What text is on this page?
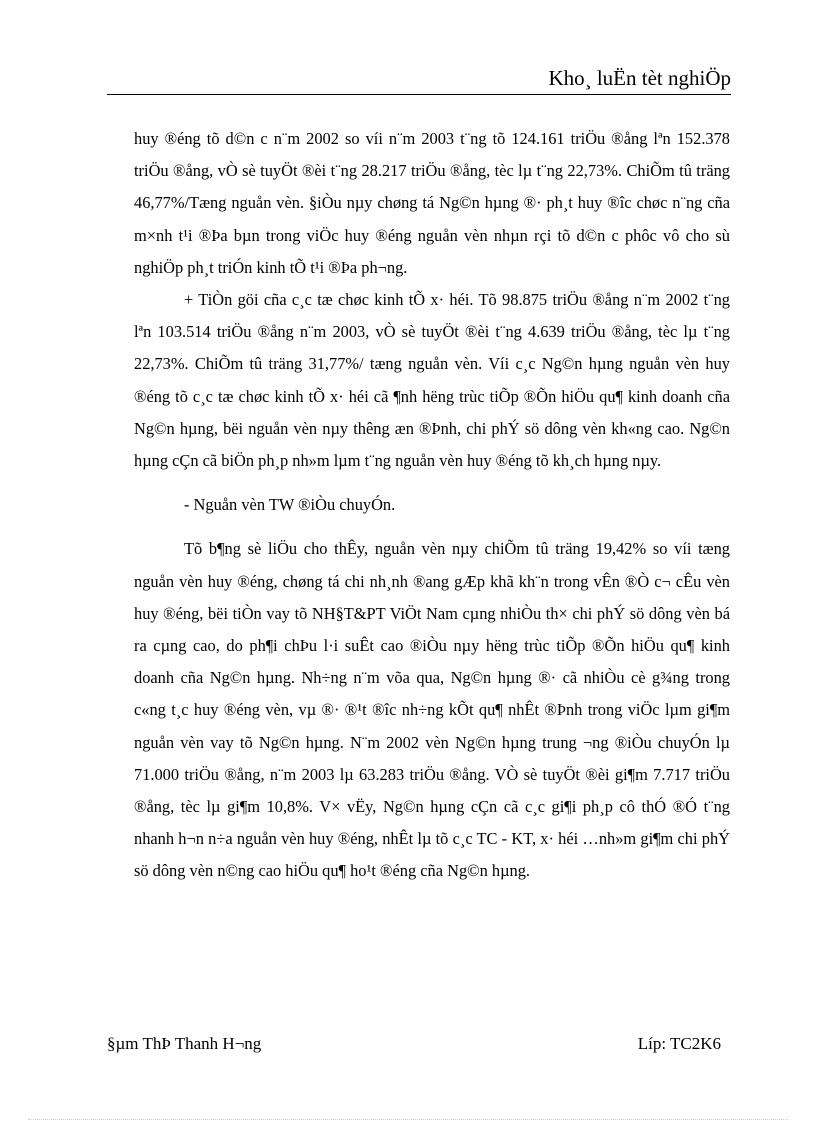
Kho¸ luËn tèt nghiÖp

huy ®éng tõ d©n c n¨m 2002 so víi n¨m 2003 t¨ng tõ 124.161 triÖu ®ång lªn 152.378 triÖu ®ång, vÒ sè tuyÖt ®èi t¨ng 28.217 triÖu ®ång, tèc lµ t¨ng 22,73%. ChiÕm tû träng 46,77%/Tæng nguån vèn. §iÒu nµy chøng tá Ng©n hµng ®· ph¸t huy ®îc chøc n¨ng cña m×nh t¹i ®Þa bµn trong viÖc huy ®éng nguån vèn nhµn rçi tõ d©n c phôc vô cho sù nghiÖp ph¸t triÓn kinh tÕ t¹i ®Þa ph¬ng.

+ TiÒn göi cña c¸c tæ chøc kinh tÕ x· héi. Tõ 98.875 triÖu ®ång n¨m 2002 t¨ng lªn 103.514 triÖu ®ång n¨m 2003, vÒ sè tuyÖt ®èi t¨ng 4.639 triÖu ®ång, tèc lµ t¨ng 22,73%. ChiÕm tû träng 31,77%/ tæng nguån vèn. Víi c¸c Ng©n hµng nguån vèn huy ®éng tõ c¸c tæ chøc kinh tÕ x· héi cã ¶nh hëng trùc tiÕp ®Õn hiÖu qu¶ kinh doanh cña Ng©n hµng, bëi nguån vèn nµy thêng æn ®Þnh, chi phÝ sö dông vèn kh«ng cao. Ng©n hµng cÇn cã biÖn ph¸p nh»m lµm t¨ng nguån vèn huy ®éng tõ kh¸ch hµng nµy.

- Nguån vèn TW ®iÒu chuyÓn.

Tõ b¶ng sè liÖu cho thÊy, nguån vèn nµy chiÕm tû träng 19,42% so víi tæng nguån vèn huy ®éng, chøng tá chi nh¸nh ®ang gÆp khã kh¨n trong vÊn ®Ò c¬ cÊu vèn huy ®éng, bëi tiÒn vay tõ NH§T&PT ViÖt Nam cµng nhiÒu th× chi phÝ sö dông vèn bá ra cµng cao, do ph¶i chÞu l·i suÊt cao ®iÒu nµy hëng trùc tiÕp ®Õn hiÖu qu¶ kinh doanh cña Ng©n hµng. Nh÷ng n¨m võa qua, Ng©n hµng ®· cã nhiÒu cè g¾ng trong c«ng t¸c huy ®éng vèn, vµ ®· ®¹t ®îc nh÷ng kÕt qu¶ nhÊt ®Þnh trong viÖc lµm gi¶m nguån vèn vay tõ Ng©n hµng. N¨m 2002 vèn Ng©n hµng trung ¬ng ®iÒu chuyÓn lµ 71.000 triÖu ®ång, n¨m 2003 lµ 63.283 triÖu ®ång. VÒ sè tuyÖt ®èi gi¶m 7.717 triÖu ®ång, tèc lµ gi¶m 10,8%. V× vËy, Ng©n hµng cÇn cã c¸c gi¶i ph¸p cô thÓ ®Ó t¨ng nhanh h¬n n÷a nguån vèn huy ®éng, nhÊt lµ tõ c¸c TC - KT, x· héi …nh»m gi¶m chi phÝ sö dông vèn n©ng cao hiÖu qu¶ ho¹t ®éng cña Ng©n hµng.

§µm ThÞ Thanh H¬ng	Líp: TC2K6
